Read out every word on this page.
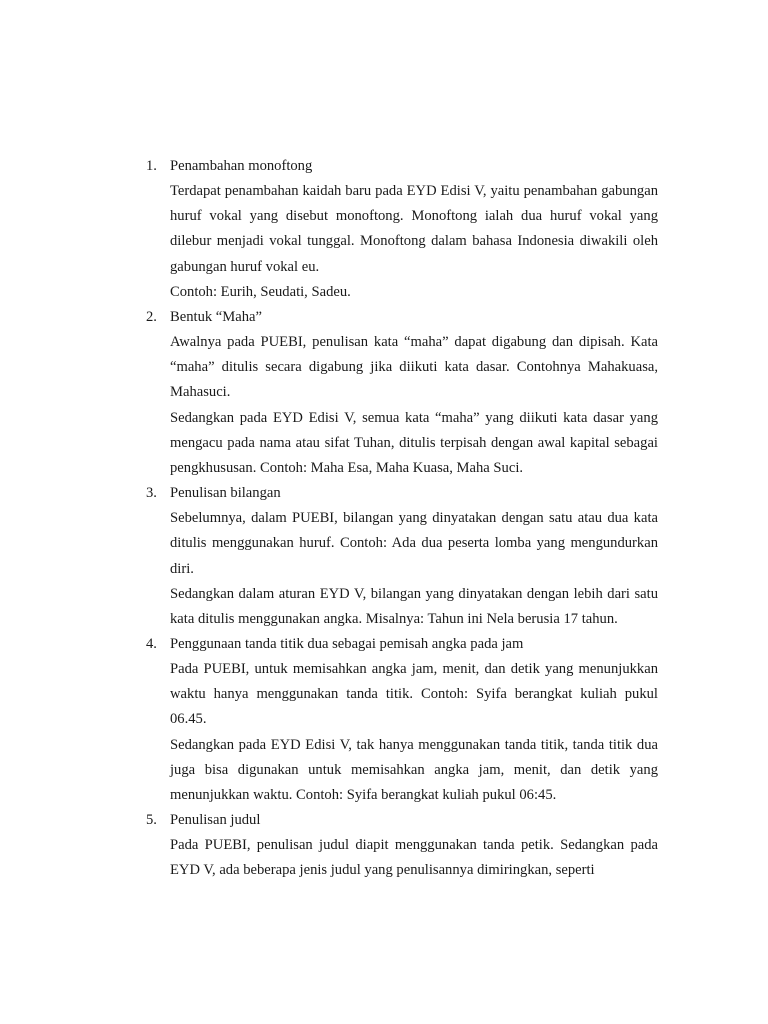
1. Penambahan monoftong

Terdapat penambahan kaidah baru pada EYD Edisi V, yaitu penambahan gabungan huruf vokal yang disebut monoftong. Monoftong ialah dua huruf vokal yang dilebur menjadi vokal tunggal. Monoftong dalam bahasa Indonesia diwakili oleh gabungan huruf vokal eu.

Contoh: Eurih, Seudati, Sadeu.

2. Bentuk “Maha”

Awalnya pada PUEBI, penulisan kata “maha” dapat digabung dan dipisah. Kata “maha” ditulis secara digabung jika diikuti kata dasar. Contohnya Mahakuasa, Mahasuci.

Sedangkan pada EYD Edisi V, semua kata “maha” yang diikuti kata dasar yang mengacu pada nama atau sifat Tuhan, ditulis terpisah dengan awal kapital sebagai pengkhususan. Contoh: Maha Esa, Maha Kuasa, Maha Suci.

3. Penulisan bilangan

Sebelumnya, dalam PUEBI, bilangan yang dinyatakan dengan satu atau dua kata ditulis menggunakan huruf. Contoh: Ada dua peserta lomba yang mengundurkan diri.

Sedangkan dalam aturan EYD V, bilangan yang dinyatakan dengan lebih dari satu kata ditulis menggunakan angka. Misalnya: Tahun ini Nela berusia 17 tahun.

4. Penggunaan tanda titik dua sebagai pemisah angka pada jam

Pada PUEBI, untuk memisahkan angka jam, menit, dan detik yang menunjukkan waktu hanya menggunakan tanda titik. Contoh: Syifa berangkat kuliah pukul 06.45.

Sedangkan pada EYD Edisi V, tak hanya menggunakan tanda titik, tanda titik dua juga bisa digunakan untuk memisahkan angka jam, menit, dan detik yang menunjukkan waktu. Contoh: Syifa berangkat kuliah pukul 06:45.

5. Penulisan judul

Pada PUEBI, penulisan judul diapit menggunakan tanda petik. Sedangkan pada EYD V, ada beberapa jenis judul yang penulisannya dimiringkan, seperti
